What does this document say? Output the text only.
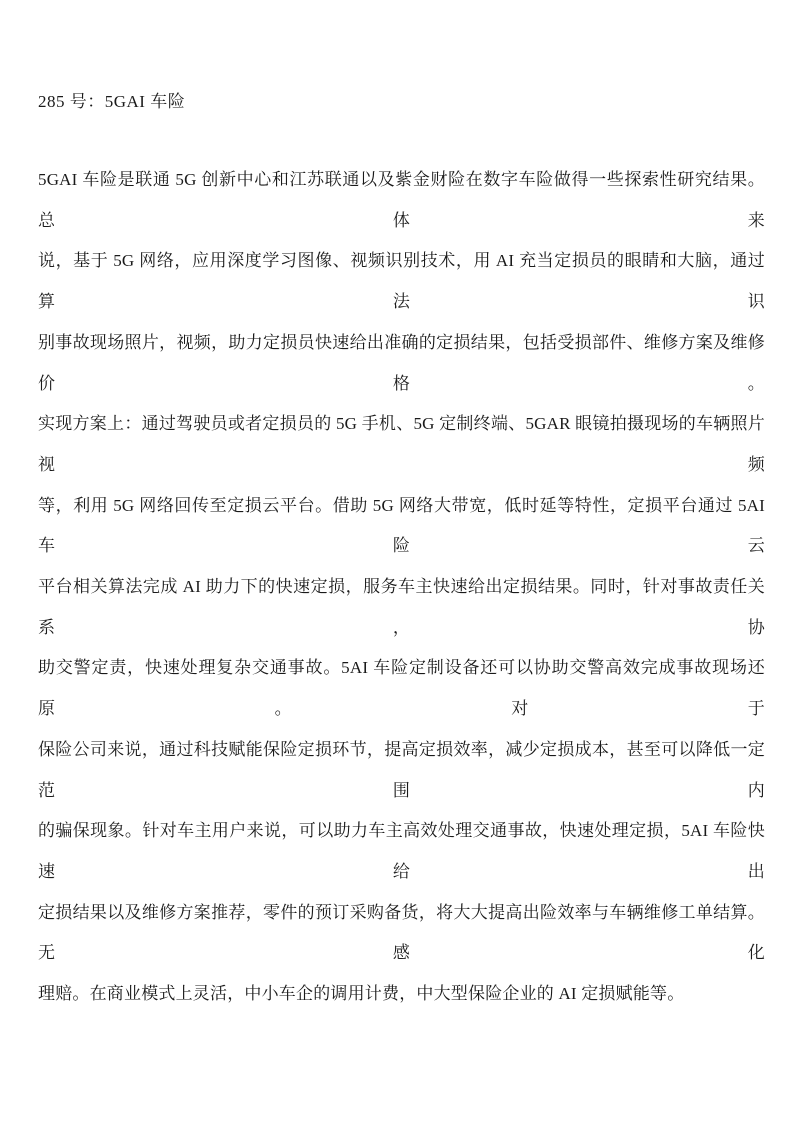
285 号：5GAI 车险
5GAI 车险是联通 5G 创新中心和江苏联通以及紫金财险在数字车险做得一些探索性研究结果。总体来
说，基于 5G 网络，应用深度学习图像、视频识别技术，用 AI 充当定损员的眼睛和大脑，通过算法识
别事故现场照片，视频，助力定损员快速给出准确的定损结果，包括受损部件、维修方案及维修价格。
实现方案上：通过驾驶员或者定损员的 5G 手机、5G 定制终端、5GAR 眼镜拍摄现场的车辆照片视频
等，利用 5G 网络回传至定损云平台。借助 5G 网络大带宽，低时延等特性，定损平台通过 5AI 车险云
平台相关算法完成 AI 助力下的快速定损，服务车主快速给出定损结果。同时，针对事故责任关系，协
助交警定责，快速处理复杂交通事故。5AI 车险定制设备还可以协助交警高效完成事故现场还原。对于
保险公司来说，通过科技赋能保险定损环节，提高定损效率，减少定损成本，甚至可以降低一定范围内
的骗保现象。针对车主用户来说，可以助力车主高效处理交通事故，快速处理定损，5AI 车险快速给出
定损结果以及维修方案推荐，零件的预订采购备货，将大大提高出险效率与车辆维修工单结算。无感化
理赔。在商业模式上灵活，中小车企的调用计费，中大型保险企业的 AI 定损赋能等。
